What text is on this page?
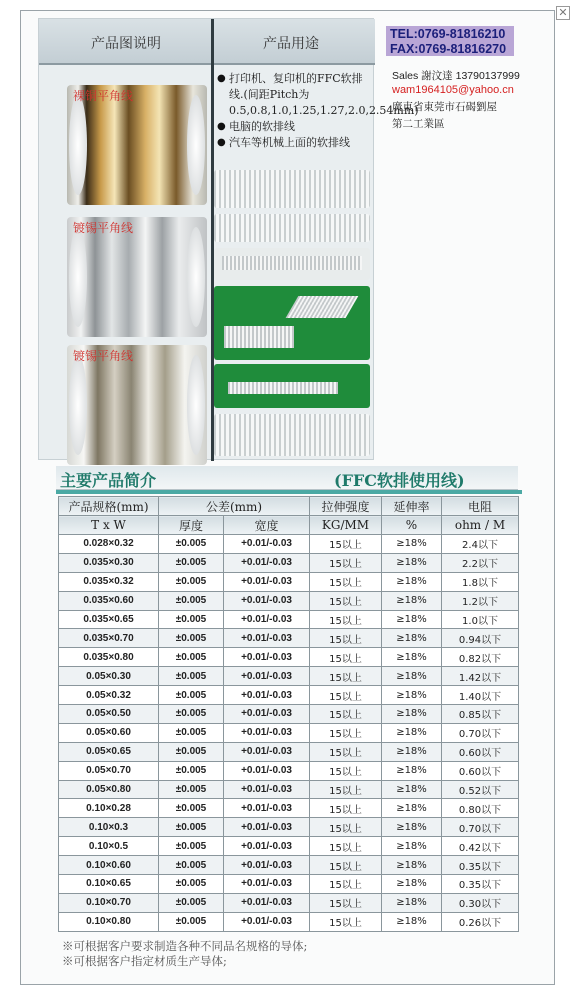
✕
产品图说明	产品用途
裸铜平角线
镀锡平角线
镀锡平角线
● 打印机、复印机的FFC软排线.(间距Pitch为0.5,0.8,1.0,1.25,1.27,2.0,2.54mm)
● 电脑的软排线
● 汽车等机械上面的软排线
TEL:0769-81816210
FAX:0769-81816270
Sales 謝汶達 13790137999
wam1964105@yahoo.cn
廣東省東莞市石碣劉屋
第二工業區
主要产品简介	(FFC软排使用线)
产品规格(mm)	公差(mm)		拉伸强度	延伸率	电阻
T x W	厚度	宽度	KG/MM	%	ohm / M
0.028×0.32	±0.005	+0.01/-0.03	15以上	≥18%	2.4以下
0.035×0.30	±0.005	+0.01/-0.03	15以上	≥18%	2.2以下
0.035×0.32	±0.005	+0.01/-0.03	15以上	≥18%	1.8以下
0.035×0.60	±0.005	+0.01/-0.03	15以上	≥18%	1.2以下
0.035×0.65	±0.005	+0.01/-0.03	15以上	≥18%	1.0以下
0.035×0.70	±0.005	+0.01/-0.03	15以上	≥18%	0.94以下
0.035×0.80	±0.005	+0.01/-0.03	15以上	≥18%	0.82以下
0.05×0.30	±0.005	+0.01/-0.03	15以上	≥18%	1.42以下
0.05×0.32	±0.005	+0.01/-0.03	15以上	≥18%	1.40以下
0.05×0.50	±0.005	+0.01/-0.03	15以上	≥18%	0.85以下
0.05×0.60	±0.005	+0.01/-0.03	15以上	≥18%	0.70以下
0.05×0.65	±0.005	+0.01/-0.03	15以上	≥18%	0.60以下
0.05×0.70	±0.005	+0.01/-0.03	15以上	≥18%	0.60以下
0.05×0.80	±0.005	+0.01/-0.03	15以上	≥18%	0.52以下
0.10×0.28	±0.005	+0.01/-0.03	15以上	≥18%	0.80以下
0.10×0.3	±0.005	+0.01/-0.03	15以上	≥18%	0.70以下
0.10×0.5	±0.005	+0.01/-0.03	15以上	≥18%	0.42以下
0.10×0.60	±0.005	+0.01/-0.03	15以上	≥18%	0.35以下
0.10×0.65	±0.005	+0.01/-0.03	15以上	≥18%	0.35以下
0.10×0.70	±0.005	+0.01/-0.03	15以上	≥18%	0.30以下
0.10×0.80	±0.005	+0.01/-0.03	15以上	≥18%	0.26以下
※可根据客户要求制造各种不同品名规格的导体;
※可根据客户指定材质生产导体;
